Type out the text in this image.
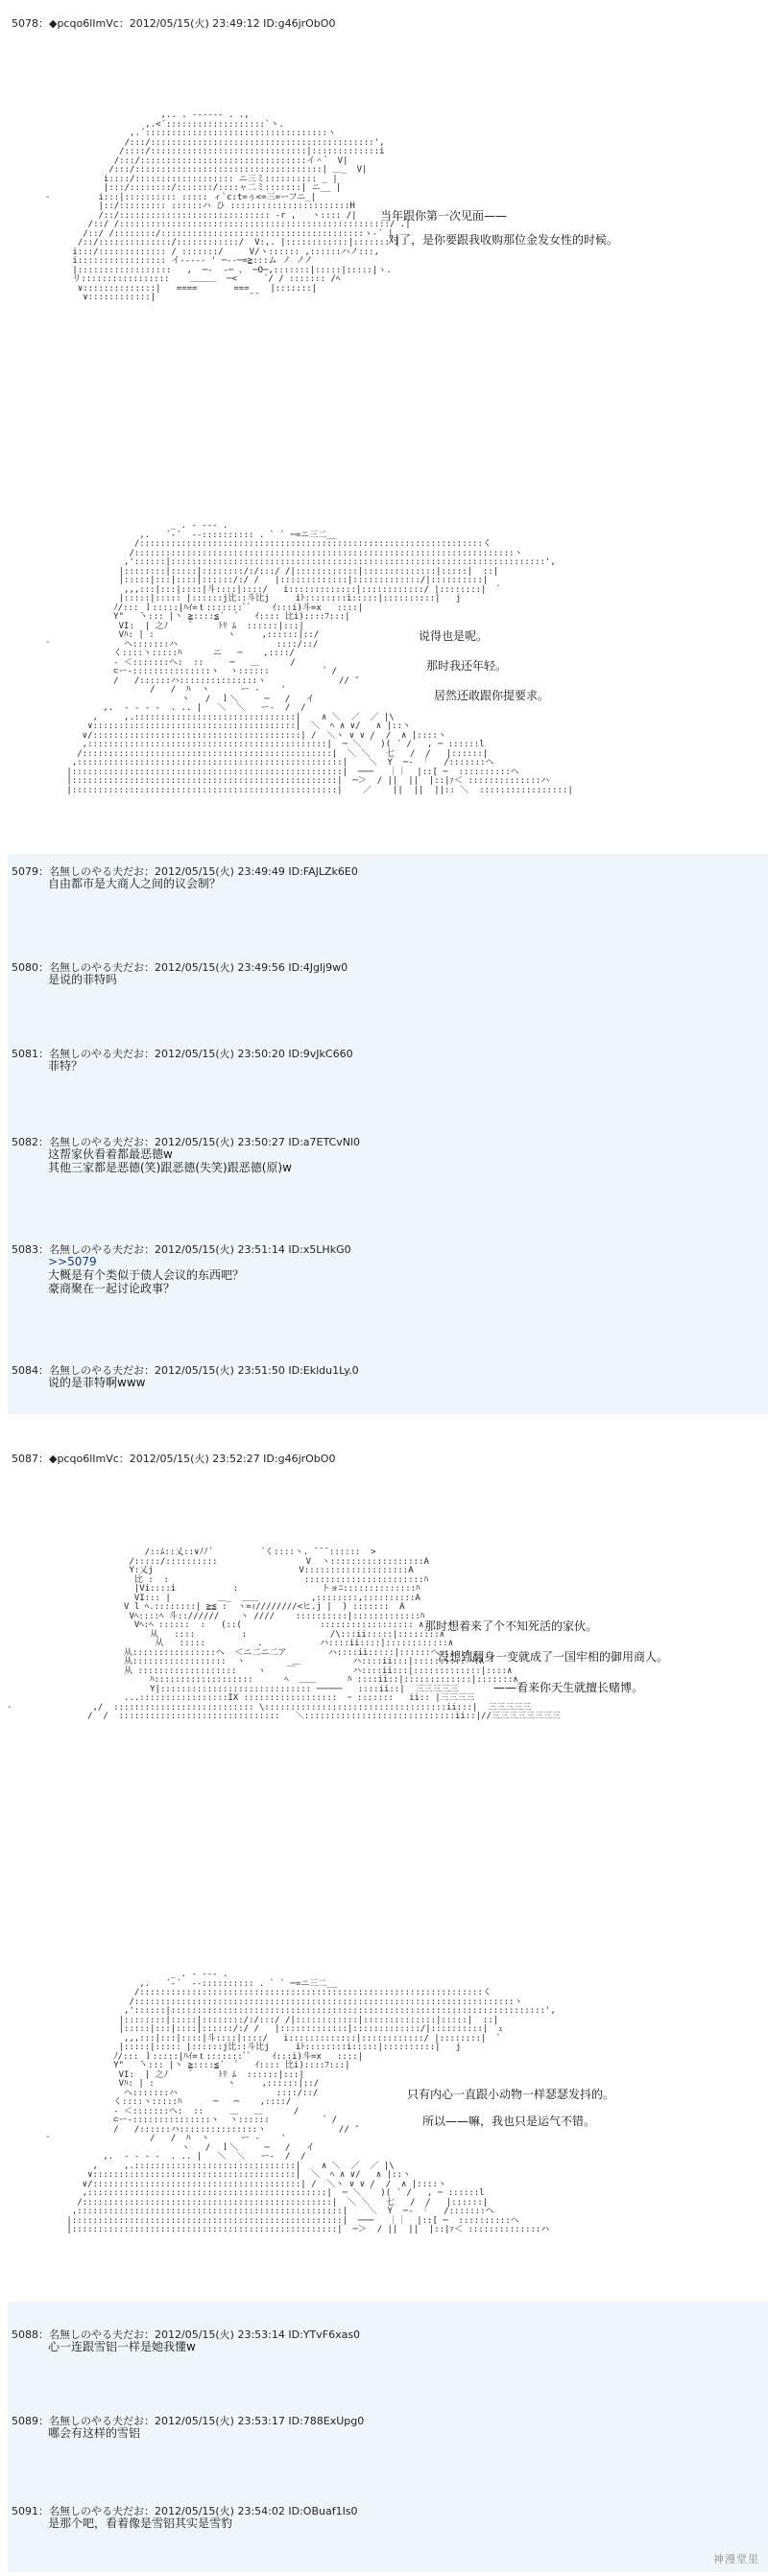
5078：◆pcqo6lImVc：2012/05/15(火) 23:49:12 ID:g46jrObO0
,.. . ‐‐‐‐‐‐ . .,
,.<´:::::::::::::::::::`丶.
,.´:::::::::::::::::::::::::::::::::::ヽ
/:::/:::::::::::::::::::::::::::::::::::::::::::',
/::::/::::::::::::::::::::::::::::::|:::::::::::::i
/:::/::::::::::::::::::::::::::::::::イ＾゛ V|
/:::/::::::::::::::::::::::::::::::::::::| ＿_  V|
i::::/::::::::::::::::::: ニ三ミ:::::::::: _ |
|:::/::::::::/:::::::/::::ャ二ミ:::::::| ニ__ |
i:::|:::::::::: ::::: ィ`c:t=ぅ<=三=ーフニ_|
|::/::::::::: ::::::ハ ひ :::::::::::::::::::::::H
/::/::::::::::::::::::::::::::::: -r ,   ヽ:::: /|
/::/ /::::::::::::::::::::::::::::::::::::::::::::::::::::/ .|
/::/ /::::::::/:::::::::::::::::::::::::::::::::::::::ゝ‐´ |
/::/::::::::::::::/::::::::::::/  V:,. |::::::::::::|::::::: |
i:::/::::::::::::: / :::::::/     V/ヽ:::::: ,::::::ハノ:::,
i::::::::::::::::: イ‐‐‐‐‐ ' ─‐‐─=≧:::ム ノ ノノ
|::::::::::::::::::   ,  ─‐  ‐─ 、 ─O─,:::::::|:::::|:::::|ゝ.
リ:::::::::::::::::    ＿＿＿  ─<     ´/ / ::::::: /ﾍ
∨::::::::::::::|   ====       ===    |:::::::|
∨::::::::::::|                  ̄ ̄

-
当年跟你第一次见面——
对了，是你要跟我收购那位金发女性的时候。
_ . ‐ ‐‐‐ .
,.   ´‐´  ‐‐:::::::::: . ` ` ─=ニ三二__
/::::::::::::::::::::::::::::::::::::::::::::::::::::::::::::::::::く
/:::::::::::::::::::::::::::::::::::::::::::::::::::::::::::::::::::::::::ヽ
,'::::::|::::::::::::::::::::::::::::::::::::::::::::::::::::::::::::::::::::::::',
|::::::::|:::::|::::::::/:/:::/ /|::::::::::::|::::::::::::::|:::::|  ::|
|:::::|:::|::::|::::::/:/ /   |:::::::::::::|:::::::::::::/|::::::::::|
,,,:::|:::|::::|斗::::|::::/   i:::::::::::::|::::::::::::/ |::::::::|  ﾞ
|:::::|::::: |::::::j比::斗比j     iﾄ::::::::i:::::|::::::::::|   j
ﾉ/::: ｌ:::::|ﾊｲ=ｔ:::::::ﾟﾞ    ｲ:::i)斗=x   ::::|
Y"   ̄ヽ::: |丶 ≧::::≦´  ﾟ   ｲ:::: 比i)::::ﾌ:::|
VI:  | 之ﾉ    ゛    ﾄﾘ ﾑ  ::::::|:::|
Vﾊ: | :              ヽ     ,::::::|::/
ヘ:::::::ハ                   ::::/::/
く::::ヽ:::::ﾊ      ニ   ─    ,::::/
‐ ＜:::::::ヘ:  ::     ─   ＿      /
⊂ー‐:::::::::::::::ヽ  ヽ::::::          ´ /
/   /::::::ハ:::::::::::::::ヽ              // ″
/   /  ﾊ  ヽ      ー ‐    '
ヽ   /  ｌ＼     ─   /   イ
,.  ‐ ‐ ‐ ‐  . .. |   ＼  ＼   ー‐  /  /
,     ,.:::::::::::::::::::::::::::::::|    ∧ ＼  ／  ／ |\
∨:::::::::::::::::::::::::::::::::::::::|  ＼  ﾍ ∧ ∨/   ∧ |::ヽ
∨/::::::::::::::::::::::::::::::::::::::::| /  ＼ヽ ∨ ∨ /  /  ∧ |::::ヽ
,::::::::::::::::::::::::::::::::::::::::::::::|  ─ ＼ ｀ )( ´ /   , ─ ::::::l
/::::::::::::::::::::::::::::::::::::::::::::::::|  ＼ ＼   七   /  /   |::::::|
,:::::::::::::::::::::::::::::::::::::::::::::::::::|    ＼  Y  ─‐  ｢   /:::::::ヘ
|::::::::::::::::::::::::::::::::::::::::::::::::::::|  ───   ｜｜  |::[ ─  ::::::::::ヘ
|:::::::::::::::::::::::::::::::::::::::::::::::::::|  ─＞  / ||  ||  |::|ｧ＜ ::::::::::::::ハ
|:::::::::::::::::::::::::::::::::::::::::::::::::::|    ／    ||  ||  ||:: ＼  :::::::::::::::::|

-	说得也是呢。
那时我还年轻。
居然还敢跟你提要求。
5079：名無しのやる夫だお：2012/05/15(火) 23:49:49 ID:FAJLZk6E0
自由都市是大商人之间的议会制？
5080：名無しのやる夫だお：2012/05/15(火) 23:49:56 ID:4Jglj9w0
是说的菲特吗
5081：名無しのやる夫だお：2012/05/15(火) 23:50:20 ID:9vJkC660
菲特？
5082：名無しのやる夫だお：2012/05/15(火) 23:50:27 ID:a7ETCvNl0
这帮家伙看着都最恶德w
其他三家都是恶德(笑)跟恶德(失笑)跟恶德(原)w
5083：名無しのやる夫だお：2012/05/15(火) 23:51:14 ID:x5LHkG0
>>5079
大概是有个类似于债人会议的东西吧？
豪商聚在一起讨论政事？
5084：名無しのやる夫だお：2012/05/15(火) 23:51:50 ID:Ekldu1Ly.0
说的是菲特啊www
5087：◆pcqo6lImVc：2012/05/15(火) 23:52:27 ID:g46jrObO0
/::ﾑ::乂::∨ﾉﾉ´         ´く::::ヽ. ̄ ̄ ̄ ::::::  >
/:::::/::::::::::                 V  ヽ::::::::::::::::::A
Y:乂j                            V::::::::::::::::::::A
比 :  :                          :::::::::::::::::::::::ﾊ
|Vi::::i           :                トョﾆ::::::::::::::ﾊ
VI::: |         ＿_  ＿＿          ,::::::::,::::::::::A
V l ﾍ.::::::::| ≧≦ :  ヽ=ｨ////////<ヒ.j |  ) :::::::  A
Vﾍ::::ﾍ 斗:://////    ヽ ////    ::::::::::|:::::::::::::ﾊ
Vﾍ:ﾍ ::::::  :   (::(               :::::::::::::::::: ∧
从   ::::         :                /\:::ii:::::|::::::::∧
从   :::::          .           ハ::::ii::::|::::::::::::∧
从::::::::::::::::ヘ  ＜ニ二ニ二ア        ハ::::ii:::::|::::::ヘ:::::∧
从::::::::::::::::::  ヽ         ＿          ハ::::ii:::|::::::::::ハ:∧
从 :::::::::::::::::::    ヽ    ￣           ハ::::ii:::|:::::::::::::|::::∧
ﾊ:::::::::::::::::::      ﾍ  ＿＿      ﾊ ::::ii::|:::::::::::::|:::::::∧
Y|::::::::::::::::::::::::::::: ─────   ::::ii::|  三三三三三
...:::::::::::::::::IX ::::::::::::::::::  ｰ :::::::   ii:: |三三三三
,/  ::::::::::::::::::::::::::: \:::::::::::::::::::::::::::::::::::ii:::|  三三三三三
/  /  :::::::::::::::::::::::::::::::   ＼:::::::::::::::::::::::::::::ii::|//三三三三三三三三

-
那时想着来了个不知死活的家伙。
没想到翻身一变就成了一国牢相的御用商人。
——看来你天生就擅长赌博。
_ . ‐ ‐‐‐ .
,.   ´‐´  ‐‐:::::::::: . ` ` ─=ニ三二__
/::::::::::::::::::::::::::::::::::::::::::::::::::::::::::::::::::く
/:::::::::::::::::::::::::::::::::::::::::::::::::::::::::::::::::::::::::ヽ
,'::::::|::::::::::::::::::::::::::::::::::::::::::::::::::::::::::::::::::::::::',
|::::::::|:::::|::::::::/:/:::/ /|::::::::::::|::::::::::::::|:::::|  ::|
|:::::|:::|::::|::::::/:/ /   |:::::::::::::|:::::::::::::/|::::::::::|  ｪ
,,,:::|:::|::::|斗::::|::::/   i:::::::::::::|::::::::::::/ |::::::::|  ﾞ
|:::::|::::: |::::::j比::斗比j     iﾄ::::::::i:::::|::::::::::|   j
ﾉ/::: ｌ:::::|ﾊｲ=ｔ:::::::ﾟﾞ    ｲ:::i)斗=x   ::::|
Y"   ̄ヽ::: |丶 ≧::::≦´  ﾟ   ｲ:::: 比i)::::ﾌ:::|
VI:  | 之ﾉ    ゛    ﾄﾘ ﾑ  ::::::|:::|
Vﾊ: | :              ヽ     ,::::::|::/
ヘ:::::::ハ                   ::::/::/
く::::ヽ:::::ﾊ      ─   ─    ,::::/
‐ ＜:::::::ヘ:  ::     ＿   ＿      /
⊂ー‐:::::::::::::::ヽ  ヽ::::::          ´ /
/   /::::::ハ:::::::::::::::ヽ              // ″
/   /  ﾊ  ヽ      ー ‐    '
ヽ   /  ｌ＼     ─   /   イ
,.  ‐ ‐ ‐ ‐  . .. |   ＼  ＼   ー‐  /  /
,     ,.:::::::::::::::::::::::::::::::|    ∧ ＼  ／  ／ |\
∨:::::::::::::::::::::::::::::::::::::::|  ＼  ﾍ ∧ ∨/   ∧ |::ヽ
∨/::::::::::::::::::::::::::::::::::::::::| /  ＼ヽ ∨ ∨ /  /  ∧ |::::ヽ
,::::::::::::::::::::::::::::::::::::::::::::::|  ─ ＼ ｀ )( ´ /   , ─ ::::::l
/::::::::::::::::::::::::::::::::::::::::::::::::|  ＼ ＼   七   /  /   |::::::|
,:::::::::::::::::::::::::::::::::::::::::::::::::::|    ＼  Y  ─‐  ｢   /:::::::ヘ
|::::::::::::::::::::::::::::::::::::::::::::::::::::|  ───   ｜｜  |::[ ─  ::::::::::ヘ
|:::::::::::::::::::::::::::::::::::::::::::::::::::|  ─＞  / ||  ||  |::|ｧ＜ ::::::::::::::ハ

-
只有内心一直跟小动物一样瑟瑟发抖的。
所以——嘛，我也只是运气不错。
5088：名無しのやる夫だお：2012/05/15(火) 23:53:14 ID:YTvF6xas0
心一连跟雪铝一样是她我懂w
5089：名無しのやる夫だお：2012/05/15(火) 23:53:17 ID:788ExUpg0
哪会有这样的雪铝
5091：名無しのやる夫だお：2012/05/15(火) 23:54:02 ID:OBuaf1Is0
是那个吧，看着像是雪铝其实是雪豹
神漫堂里
